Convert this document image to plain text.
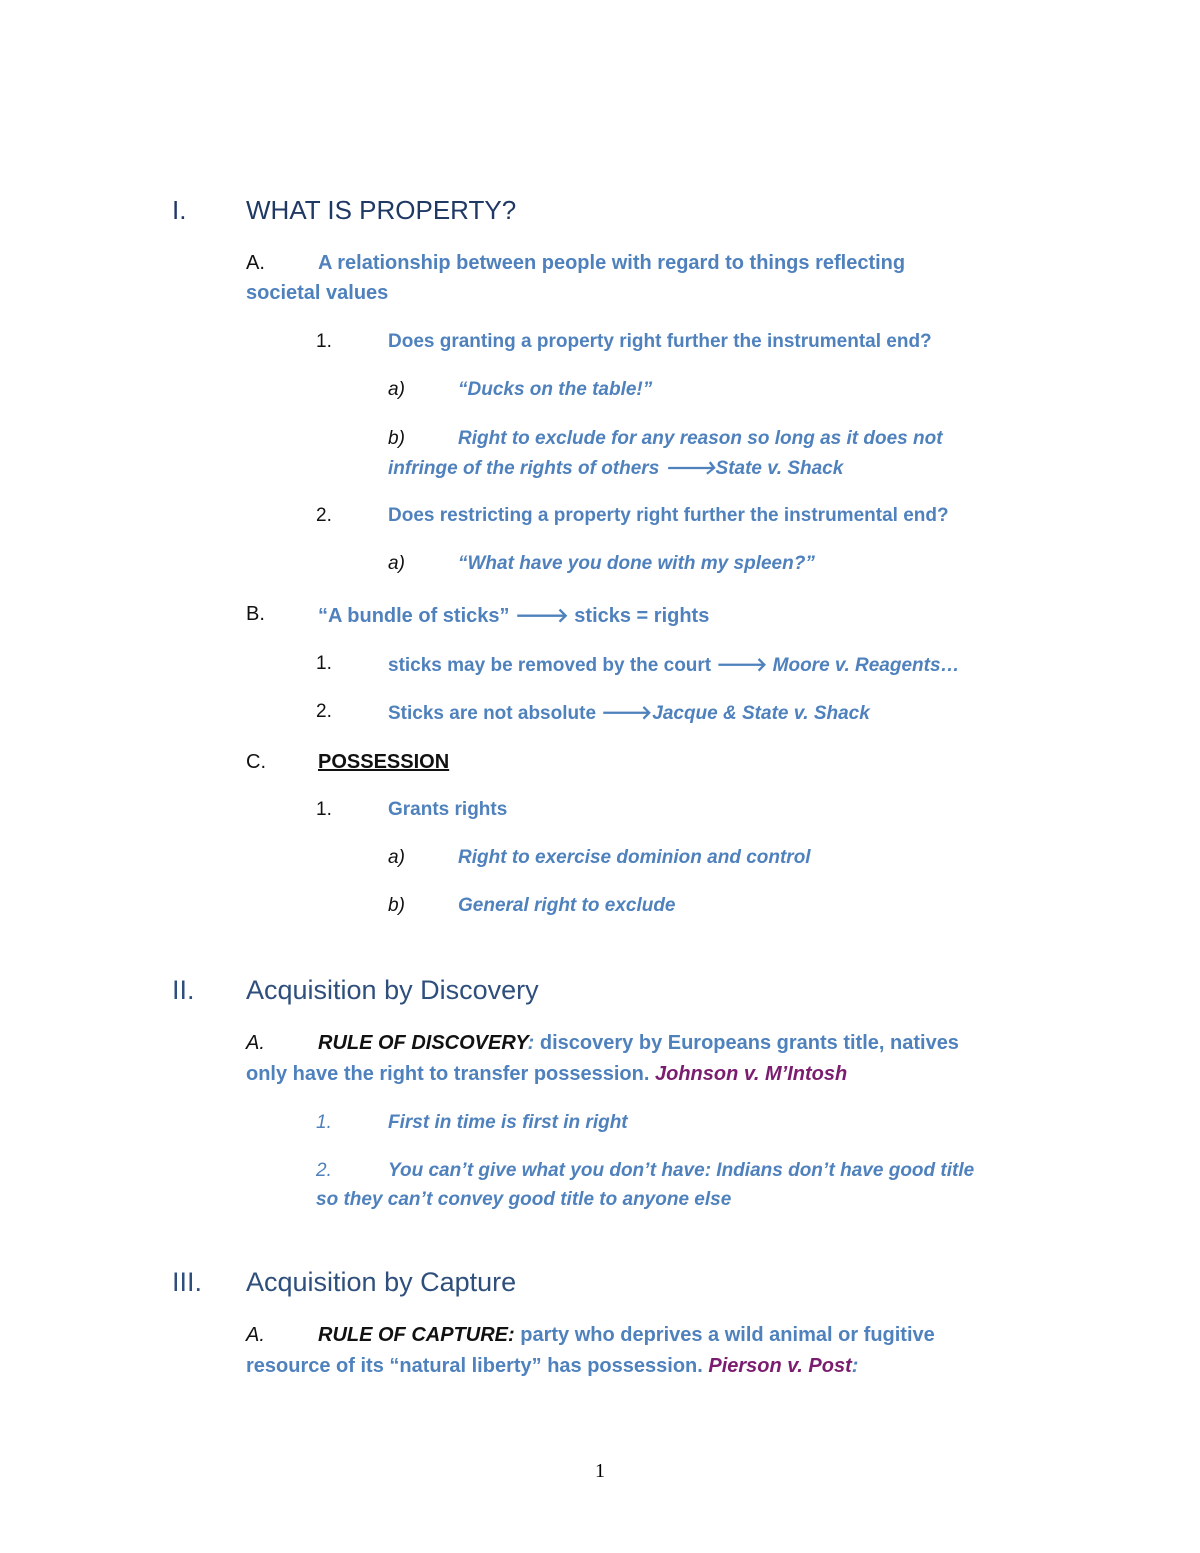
I. WHAT IS PROPERTY?
A.	A relationship between people with regard to things reflecting
societal values
1.	Does granting a property right further the instrumental end?
a)	“Ducks on the table!”
b)	Right to exclude for any reason so long as it does not
infringe of the rights of others 🡒State v. Shack
2.	Does restricting a property right further the instrumental end?
a)	“What have you done with my spleen?”
B.	“A bundle of sticks” 🡒 sticks = rights
1.	sticks may be removed by the court 🡒 Moore v. Reagents…
2.	Sticks are not absolute 🡒Jacque & State v. Shack
C.	POSSESSION
1.	Grants rights
a)	Right to exercise dominion and control
b)	General right to exclude
II. Acquisition by Discovery
A.	RULE OF DISCOVERY: discovery by Europeans grants title, natives
only have the right to transfer possession. Johnson v. M’Intosh
1.	First in time is first in right
2.	You can’t give what you don’t have: Indians don’t have good title
so they can’t convey good title to anyone else
III. Acquisition by Capture
A.	RULE OF CAPTURE: party who deprives a wild animal or fugitive
resource of its “natural liberty” has possession. Pierson v. Post:
1
